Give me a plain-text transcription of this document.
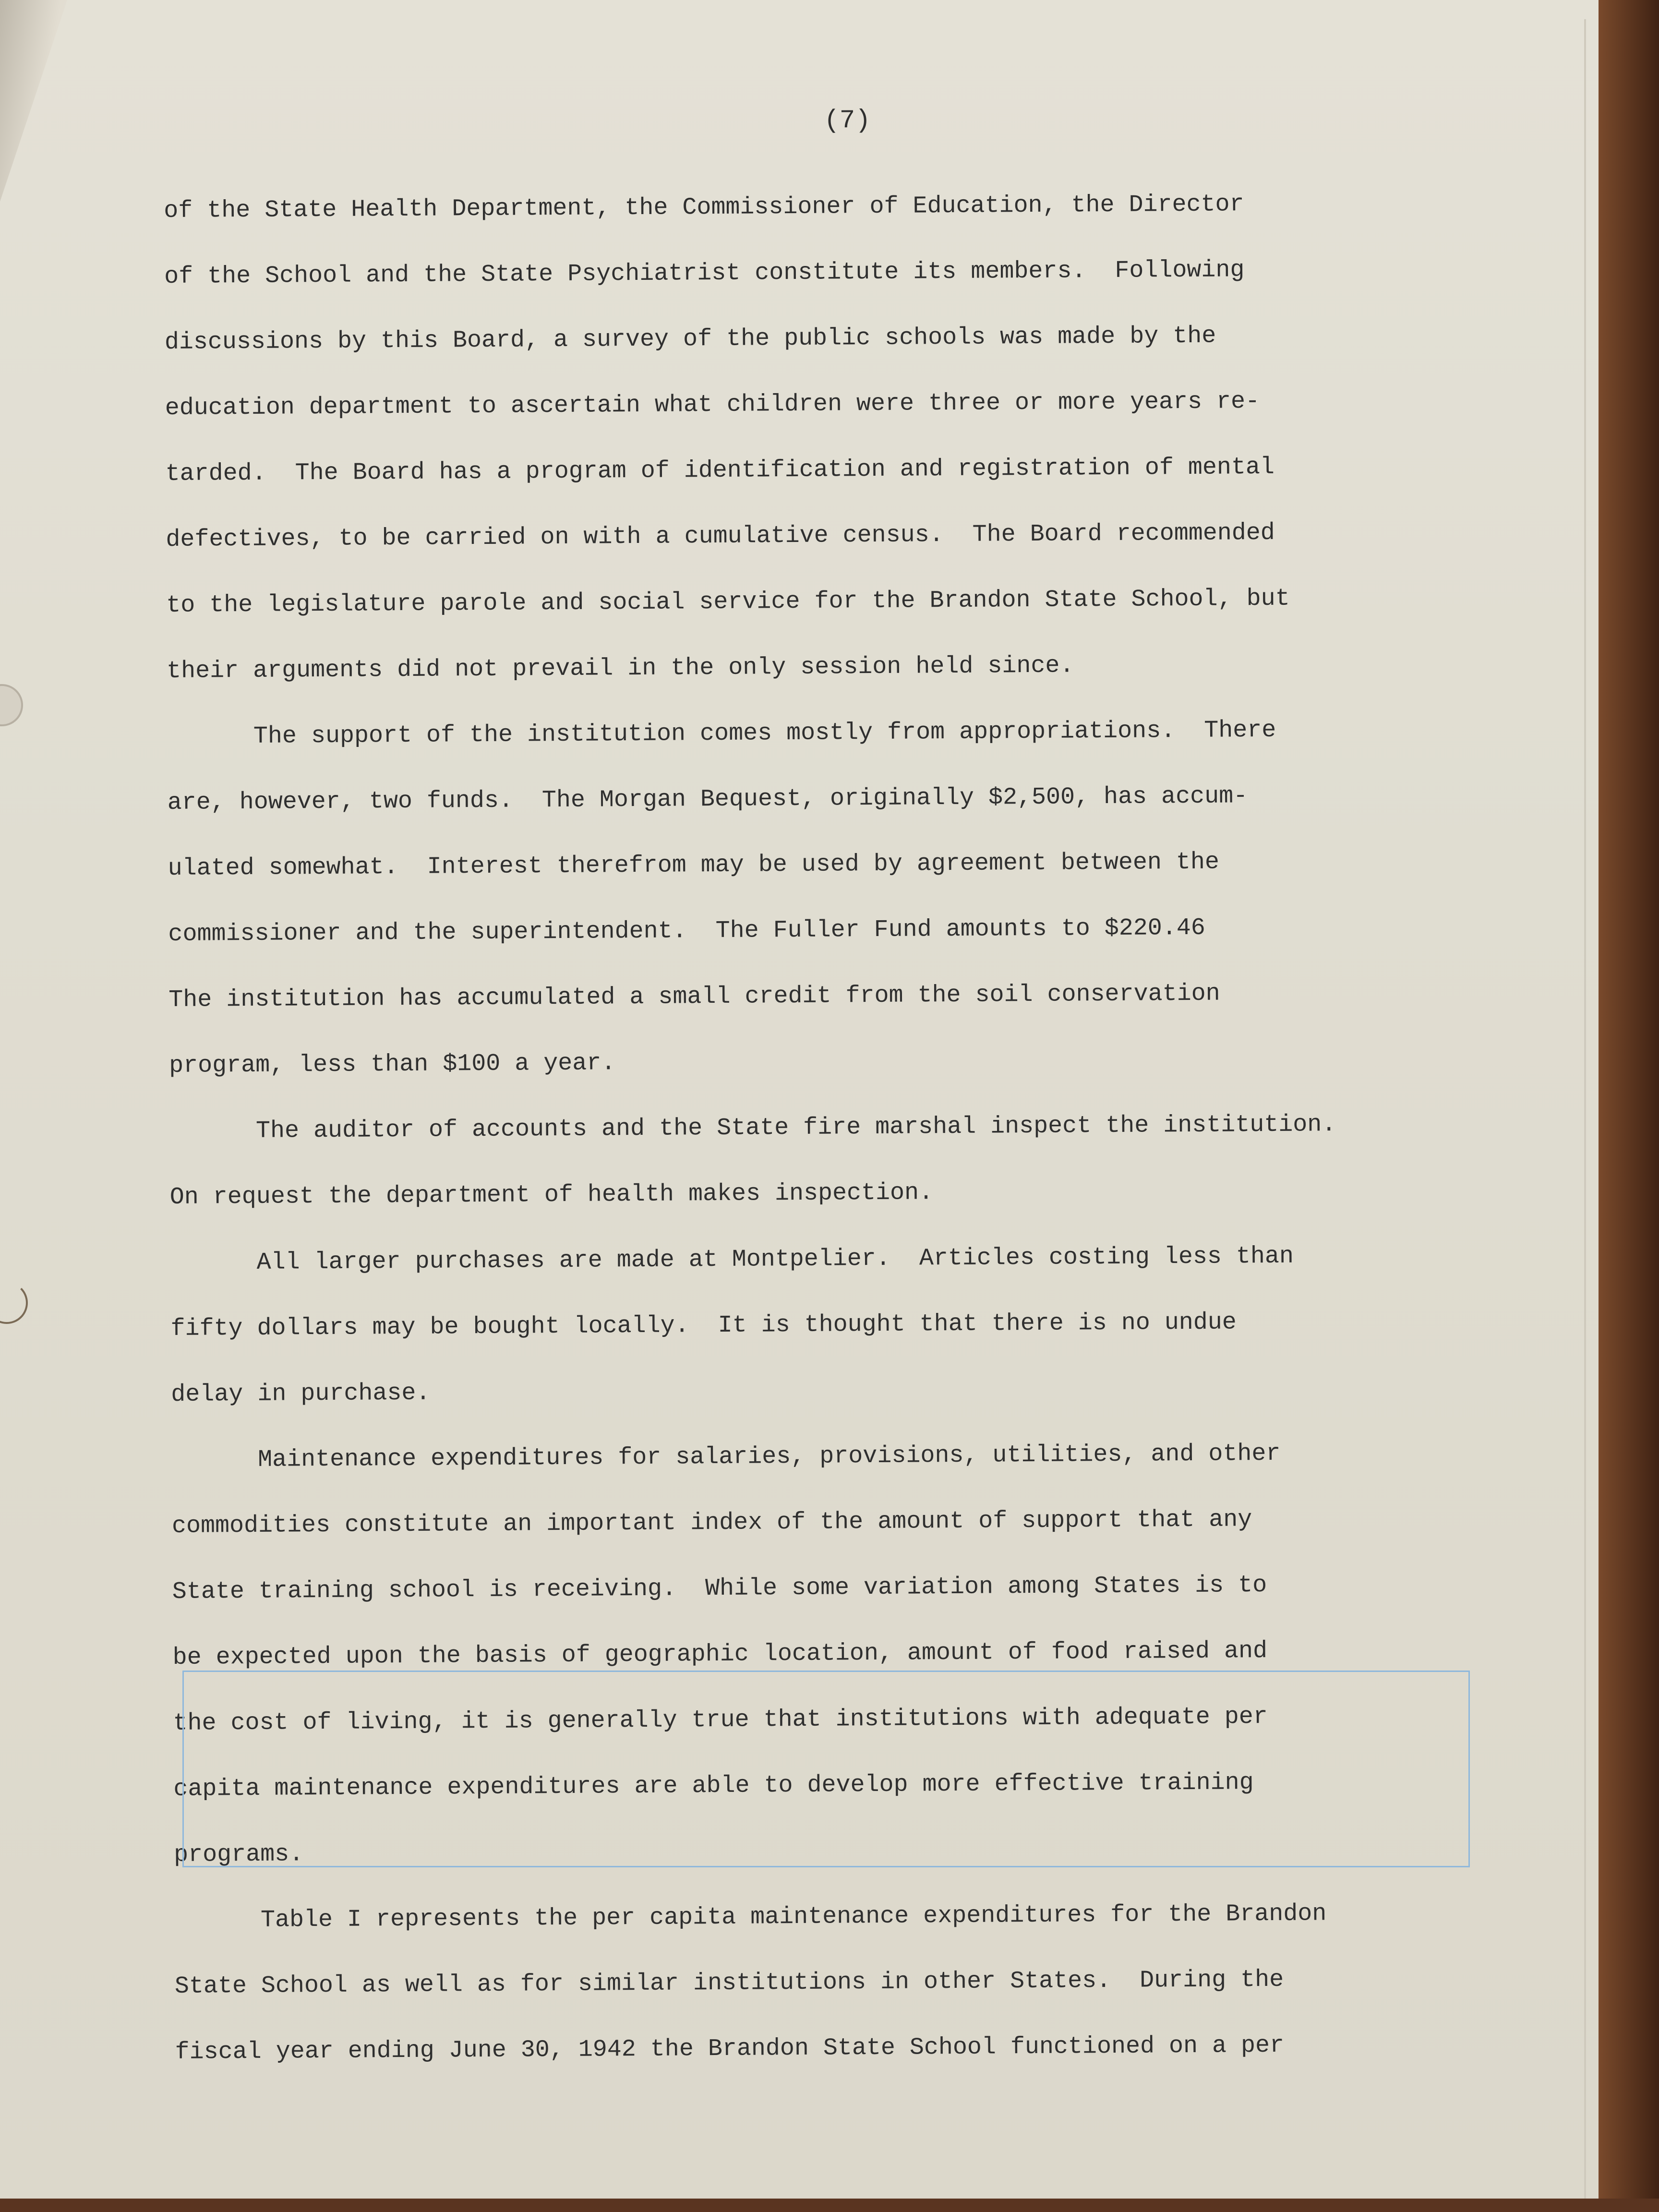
(7)
of the State Health Department, the Commissioner of Education, the Director
of the School and the State Psychiatrist constitute its members.  Following
discussions by this Board, a survey of the public schools was made by the
education department to ascertain what children were three or more years re-
tarded.  The Board has a program of identification and registration of mental
defectives, to be carried on with a cumulative census.  The Board recommended
to the legislature parole and social service for the Brandon State School, but
their arguments did not prevail in the only session held since.
The support of the institution comes mostly from appropriations.  There
are, however, two funds.  The Morgan Bequest, originally $2,500, has accum-
ulated somewhat.  Interest therefrom may be used by agreement between the
commissioner and the superintendent.  The Fuller Fund amounts to $220.46
The institution has accumulated a small credit from the soil conservation
program, less than $100 a year.
The auditor of accounts and the State fire marshal inspect the institution.
On request the department of health makes inspection.
All larger purchases are made at Montpelier.  Articles costing less than
fifty dollars may be bought locally.  It is thought that there is no undue
delay in purchase.
Maintenance expenditures for salaries, provisions, utilities, and other
commodities constitute an important index of the amount of support that any
State training school is receiving.  While some variation among States is to
be expected upon the basis of geographic location, amount of food raised and
the cost of living, it is generally true that institutions with adequate per
capita maintenance expenditures are able to develop more effective training
programs.
Table I represents the per capita maintenance expenditures for the Brandon
State School as well as for similar institutions in other States.  During the
fiscal year ending June 30, 1942 the Brandon State School functioned on a per
